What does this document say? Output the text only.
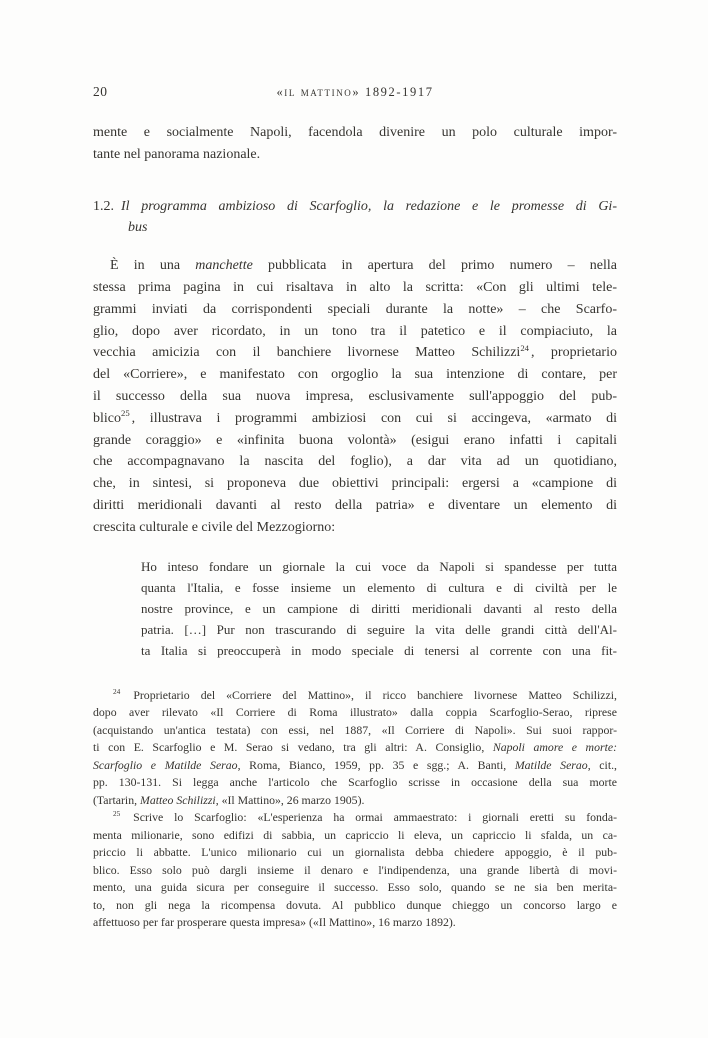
20	«il mattino» 1892-1917
mente e socialmente Napoli, facendola divenire un polo culturale impor-
tante nel panorama nazionale.
1.2. Il programma ambizioso di Scarfoglio, la redazione e le promesse di Gi-
bus
È in una manchette pubblicata in apertura del primo numero – nella
stessa prima pagina in cui risaltava in alto la scritta: «Con gli ultimi tele-
grammi inviati da corrispondenti speciali durante la notte» – che Scarfo-
glio, dopo aver ricordato, in un tono tra il patetico e il compiaciuto, la
vecchia amicizia con il banchiere livornese Matteo Schilizzi$^{24}$ , proprietario
del «Corriere», e manifestato con orgoglio la sua intenzione di contare, per
il successo della sua nuova impresa, esclusivamente sull'appoggio del pub-
blico$^{25}$ , illustrava i programmi ambiziosi con cui si accingeva, «armato di
grande coraggio» e «infinita buona volontà» (esigui erano infatti i capitali
che accompagnavano la nascita del foglio), a dar vita ad un quotidiano,
che, in sintesi, si proponeva due obiettivi principali: ergersi a «campione di
diritti meridionali davanti al resto della patria» e diventare un elemento di
crescita culturale e civile del Mezzogiorno:
Ho inteso fondare un giornale la cui voce da Napoli si spandesse per tutta
quanta l'Italia, e fosse insieme un elemento di cultura e di civiltà per le
nostre province, e un campione di diritti meridionali davanti al resto della
patria. […] Pur non trascurando di seguire la vita delle grandi città dell'Al-
ta Italia si preoccuperà in modo speciale di tenersi al corrente con una fit-
$^{24}$ Proprietario del «Corriere del Mattino», il ricco banchiere livornese Matteo Schilizzi,
dopo aver rilevato «Il Corriere di Roma illustrato» dalla coppia Scarfoglio-Serao, riprese
(acquistando un'antica testata) con essi, nel 1887, «Il Corriere di Napoli». Sui suoi rappor-
ti con E. Scarfoglio e M. Serao si vedano, tra gli altri: A. Consiglio, Napoli amore e morte:
Scarfoglio e Matilde Serao, Roma, Bianco, 1959, pp. 35 e sgg.; A. Banti, Matilde Serao, cit.,
pp. 130-131. Si legga anche l'articolo che Scarfoglio scrisse in occasione della sua morte
(Tartarin, Matteo Schilizzi, «Il Mattino», 26 marzo 1905).
$^{25}$ Scrive lo Scarfoglio: «L'esperienza ha ormai ammaestrato: i giornali eretti su fonda-
menta milionarie, sono edifizi di sabbia, un capriccio li eleva, un capriccio li sfalda, un ca-
priccio li abbatte. L'unico milionario cui un giornalista debba chiedere appoggio, è il pub-
blico. Esso solo può dargli insieme il denaro e l'indipendenza, una grande libertà di movi-
mento, una guida sicura per conseguire il successo. Esso solo, quando se ne sia ben merita-
to, non gli nega la ricompensa dovuta. Al pubblico dunque chieggo un concorso largo e
affettuoso per far prosperare questa impresa» («Il Mattino», 16 marzo 1892).
